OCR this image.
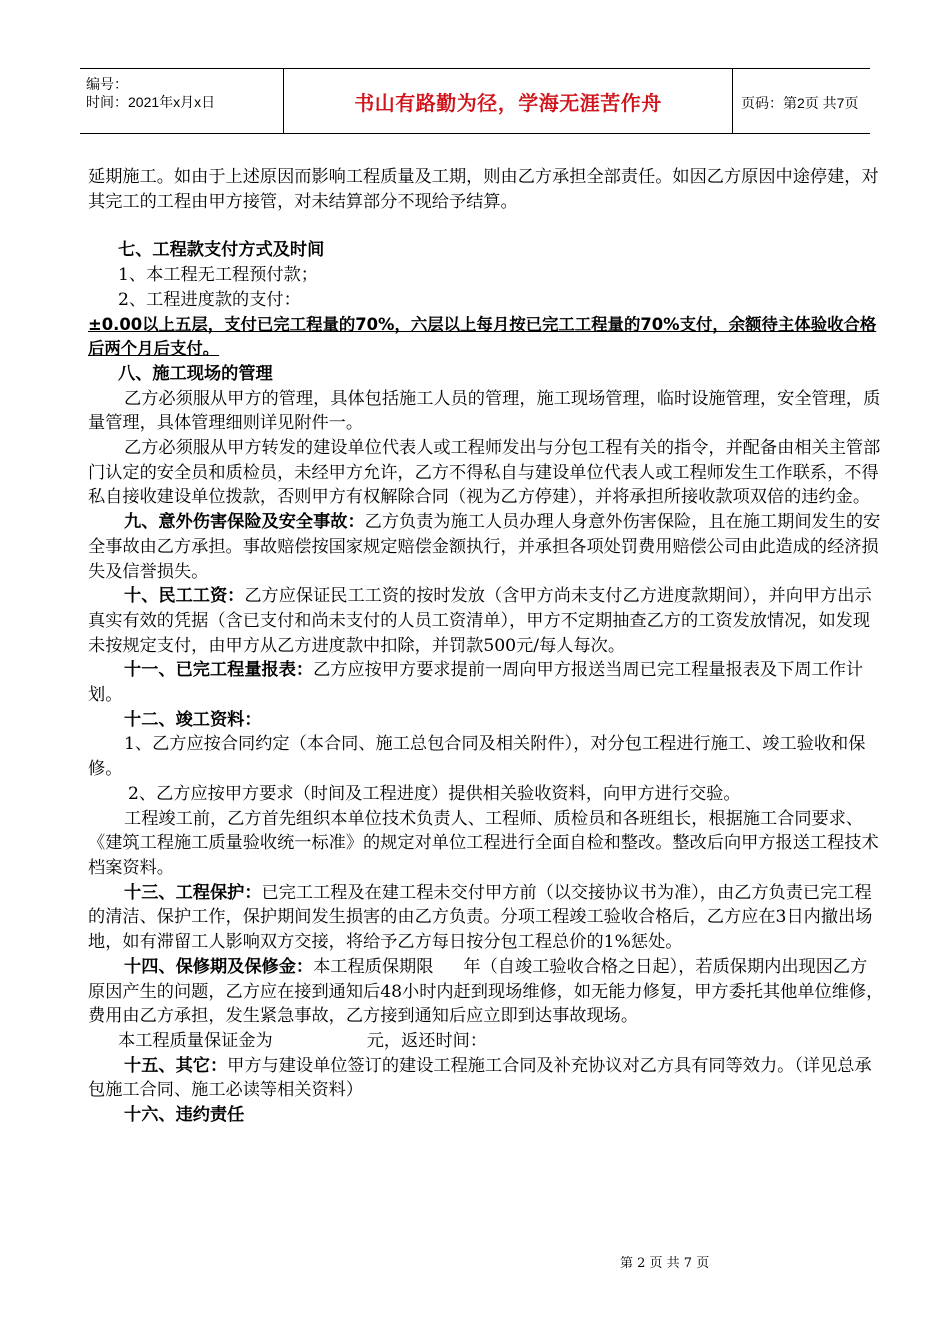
编号：
时间：2021年x月x日	书山有路勤为径，学海无涯苦作舟	页码：第2页 共7页

延期施工。如由于上述原因而影响工程质量及工期，则由乙方承担全部责任。如因乙方原因中途停建，对其完工的工程由甲方接管，对未结算部分不现给予结算。

七、工程款支付方式及时间

1、本工程无工程预付款；

2、工程进度款的支付：

±0.00以上五层，支付已完工程量的70%，六层以上每月按已完工工程量的70%支付，余额待主体验收合格后两个月后支付。

八、施工现场的管理

乙方必须服从甲方的管理，具体包括施工人员的管理，施工现场管理，临时设施管理，安全管理，质量管理，具体管理细则详见附件一。

乙方必须服从甲方转发的建设单位代表人或工程师发出与分包工程有关的指令，并配备由相关主管部门认定的安全员和质检员，未经甲方允许，乙方不得私自与建设单位代表人或工程师发生工作联系，不得私自接收建设单位拨款，否则甲方有权解除合同（视为乙方停建），并将承担所接收款项双倍的违约金。

九、意外伤害保险及安全事故：乙方负责为施工人员办理人身意外伤害保险，且在施工期间发生的安全事故由乙方承担。事故赔偿按国家规定赔偿金额执行，并承担各项处罚费用赔偿公司由此造成的经济损失及信誉损失。

十、民工工资：乙方应保证民工工资的按时发放（含甲方尚未支付乙方进度款期间），并向甲方出示真实有效的凭据（含已支付和尚未支付的人员工资清单），甲方不定期抽查乙方的工资发放情况，如发现未按规定支付，由甲方从乙方进度款中扣除，并罚款500元/每人每次。

十一、已完工程量报表：乙方应按甲方要求提前一周向甲方报送当周已完工程量报表及下周工作计划。

十二、竣工资料：

1、乙方应按合同约定（本合同、施工总包合同及相关附件），对分包工程进行施工、竣工验收和保修。

2、乙方应按甲方要求（时间及工程进度）提供相关验收资料，向甲方进行交验。

工程竣工前，乙方首先组织本单位技术负责人、工程师、质检员和各班组长，根据施工合同要求、《建筑工程施工质量验收统一标准》的规定对单位工程进行全面自检和整改。整改后向甲方报送工程技术档案资料。

十三、工程保护：已完工工程及在建工程未交付甲方前（以交接协议书为准），由乙方负责已完工程的清洁、保护工作，保护期间发生损害的由乙方负责。分项工程竣工验收合格后，乙方应在3日内撤出场地，如有滞留工人影响双方交接，将给予乙方每日按分包工程总价的1%惩处。

十四、保修期及保修金：本工程质保期限 年（自竣工验收合格之日起），若质保期内出现因乙方原因产生的问题，乙方应在接到通知后48小时内赶到现场维修，如无能力修复，甲方委托其他单位维修，费用由乙方承担，发生紧急事故，乙方接到通知后应立即到达事故现场。

本工程质量保证金为	元，返还时间：

十五、其它：甲方与建设单位签订的建设工程施工合同及补充协议对乙方具有同等效力。（详见总承包施工合同、施工必读等相关资料）

十六、违约责任

第 2 页 共 7 页
